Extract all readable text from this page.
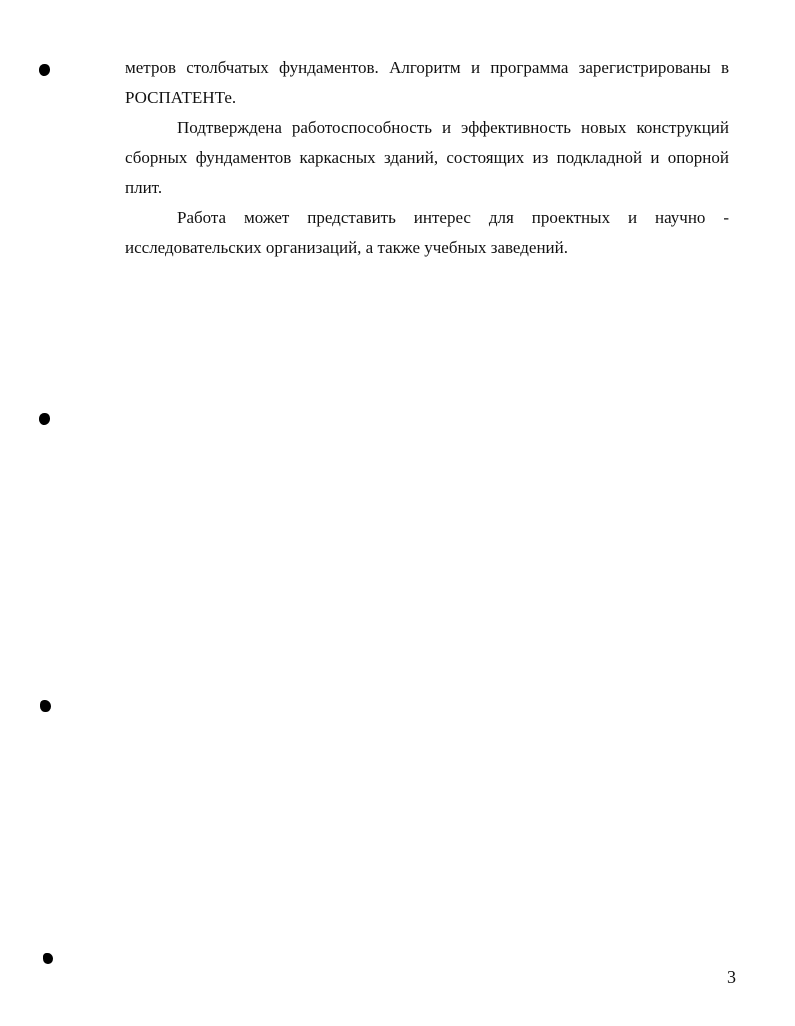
метров столбчатых фундаментов. Алгоритм и программа зарегистрированы в РОСПАТЕНТе.

Подтверждена работоспособность и эффективность новых конструкций сборных фундаментов каркасных зданий, состоящих из подкладной и опорной плит.

Работа может представить интерес для проектных и научно - исследовательских организаций, а также учебных заведений.

3
